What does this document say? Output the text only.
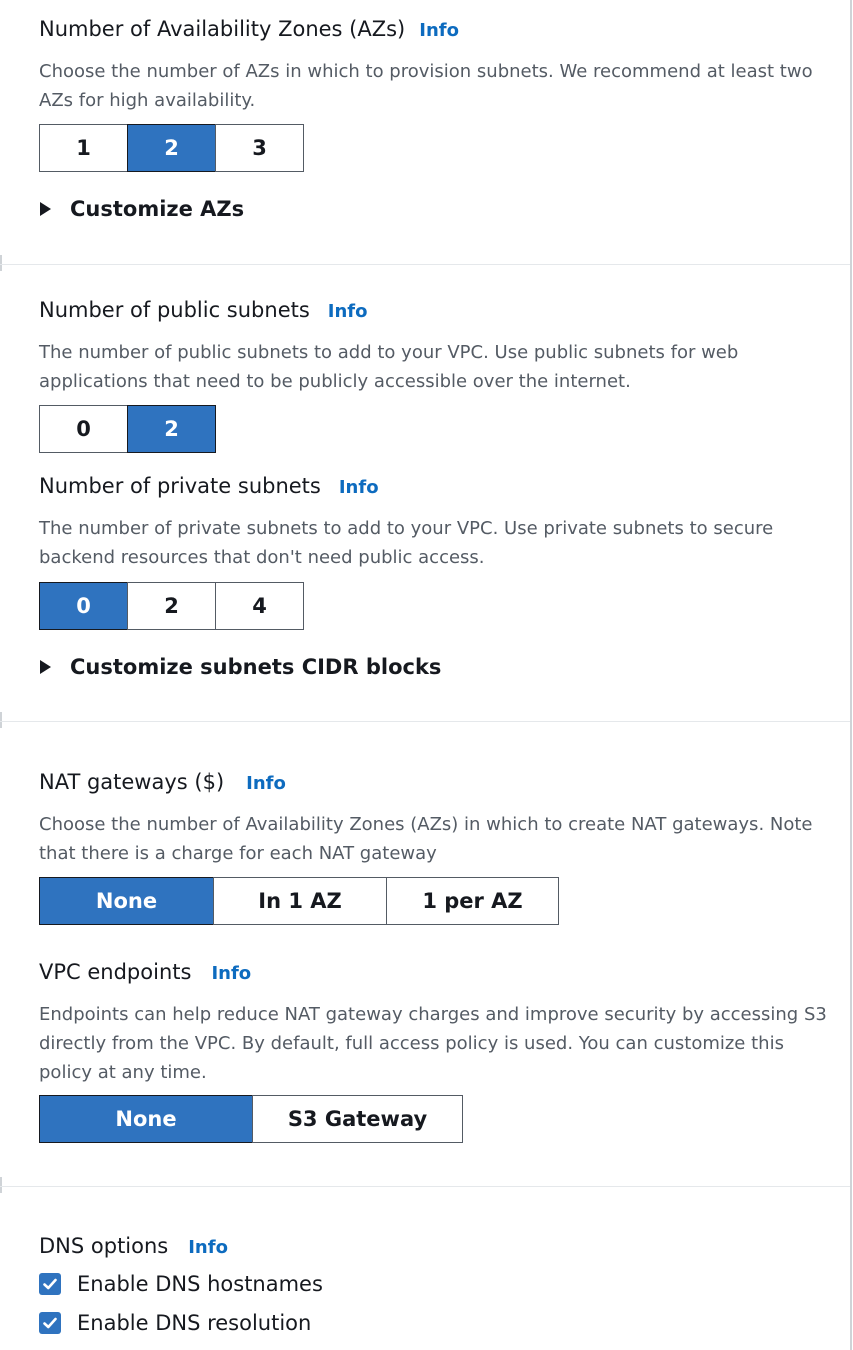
Number of Availability Zones (AZs) Info

Choose the number of AZs in which to provision subnets. We recommend at least two AZs for high availability.

1	2	3
Customize AZs
Number of public subnets Info

The number of public subnets to add to your VPC. Use public subnets for web applications that need to be publicly accessible over the internet.

0	2
Number of private subnets Info

The number of private subnets to add to your VPC. Use private subnets to secure backend resources that don't need public access.

0	2	4
Customize subnets CIDR blocks
NAT gateways ($) Info

Choose the number of Availability Zones (AZs) in which to create NAT gateways. Note that there is a charge for each NAT gateway

None	In 1 AZ	1 per AZ
VPC endpoints Info

Endpoints can help reduce NAT gateway charges and improve security by accessing S3 directly from the VPC. By default, full access policy is used. You can customize this policy at any time.

None	S3 Gateway
DNS options Info
Enable DNS hostnames
Enable DNS resolution
